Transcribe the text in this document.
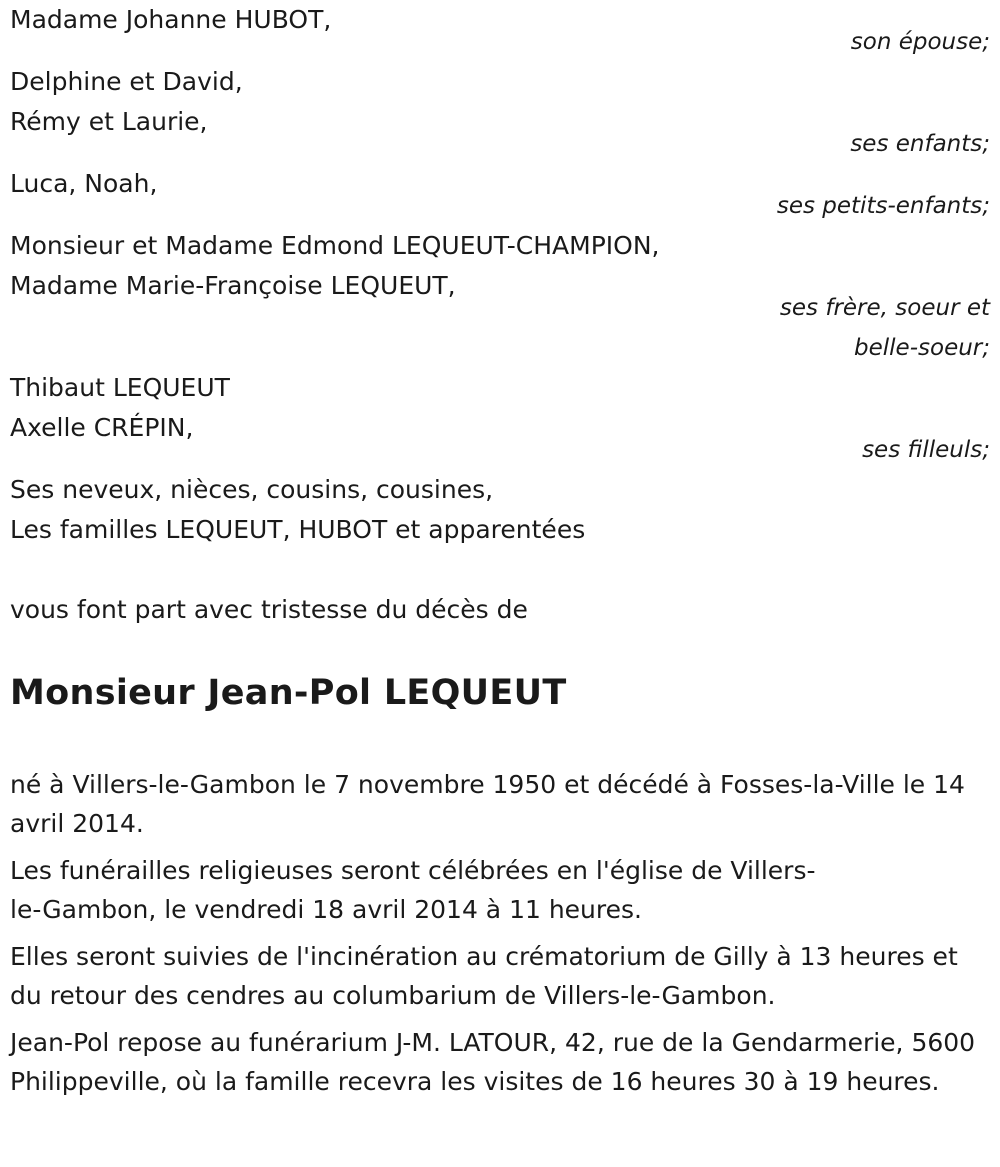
Madame Johanne HUBOT,
son épouse;
Delphine et David,
Rémy et Laurie,
ses enfants;
Luca, Noah,
ses petits-enfants;
Monsieur et Madame Edmond LEQUEUT-CHAMPION,
Madame Marie-Françoise LEQUEUT,
ses frère, soeur et
belle-soeur;
Thibaut LEQUEUT
Axelle CRÉPIN,
ses filleuls;
Ses neveux, nièces, cousins, cousines,
Les familles LEQUEUT, HUBOT et apparentées
vous font part avec tristesse du décès de
Monsieur Jean-Pol LEQUEUT
né à Villers-le-Gambon le 7 novembre 1950 et décédé à Fosses-la-Ville le 14 avril 2014.
Les funérailles religieuses seront célébrées en l'église de Villers-
le-Gambon, le vendredi 18 avril 2014 à 11 heures.
Elles seront suivies de l'incinération au crématorium de Gilly à 13 heures et du retour des cendres au columbarium de Villers-le-Gambon.
Jean-Pol repose au funérarium J-M. LATOUR, 42, rue de la Gendarmerie, 5600 Philippeville, où la famille recevra les visites de 16 heures 30 à 19 heures.
